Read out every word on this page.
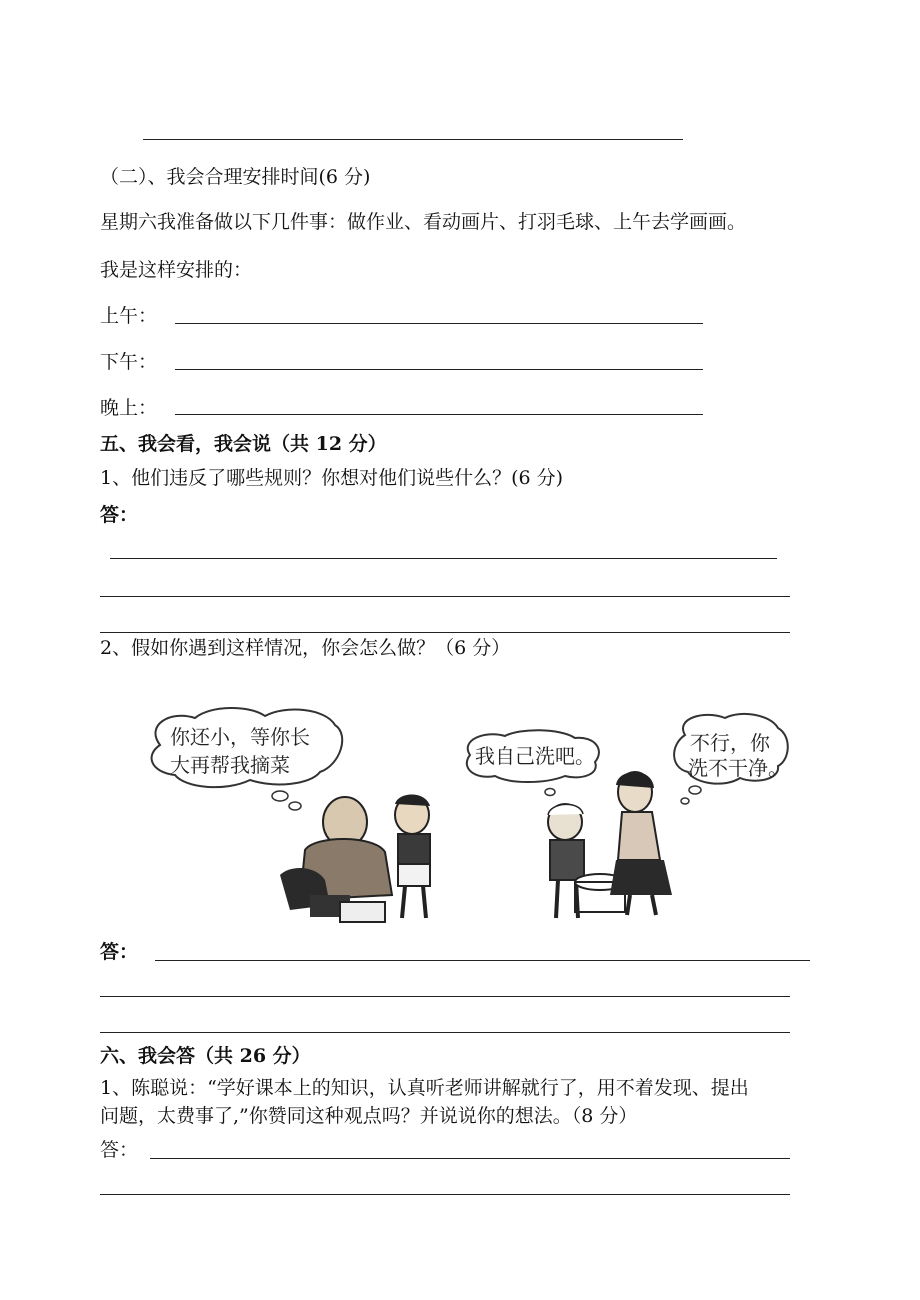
（二）、我会合理安排时间(6 分)
星期六我准备做以下几件事：做作业、看动画片、打羽毛球、上午去学画画。
我是这样安排的：
上午：
下午：
晚上：
五、我会看，我会说（共 12 分）
1、他们违反了哪些规则？你想对他们说些什么？(6 分)
答：
2、假如你遇到这样情况，你会怎么做？（6 分）
你还小，等你长
大再帮我摘菜	我自己洗吧。
不行，你
洗不干净。
答：
六、我会答（共 26 分）
1、陈聪说：“学好课本上的知识，认真听老师讲解就行了，用不着发现、提出
问题，太费事了,”你赞同这种观点吗？并说说你的想法。（8 分）
答：
